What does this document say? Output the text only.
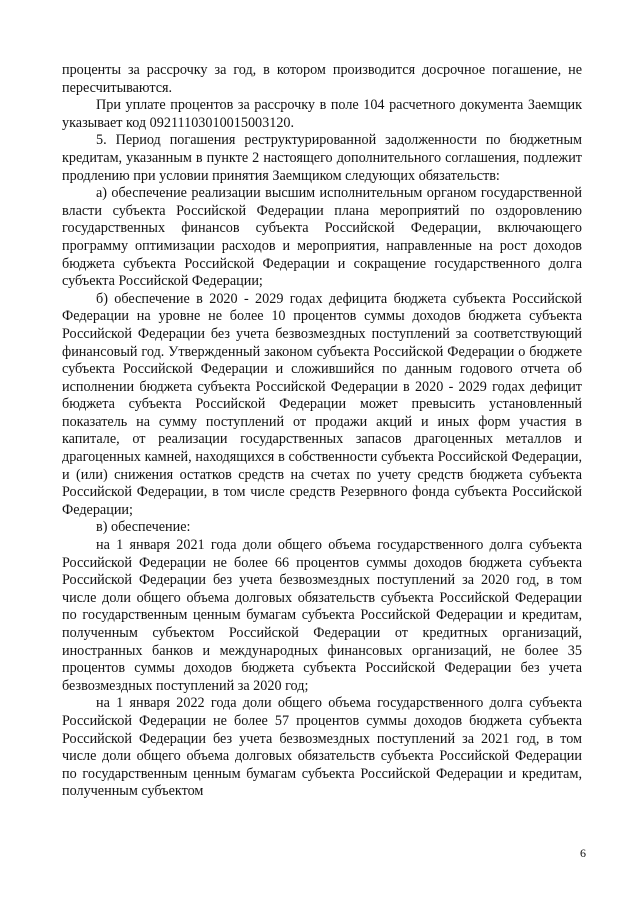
проценты за рассрочку за год, в котором производится досрочное погашение, не пересчитываются.

При уплате процентов за рассрочку в поле 104 расчетного документа Заемщик указывает код 09211103010015003120.

5. Период погашения реструктурированной задолженности по бюджетным кредитам, указанным в пункте 2 настоящего дополнительного соглашения, подлежит продлению при условии принятия Заемщиком следующих обязательств:

а) обеспечение реализации высшим исполнительным органом государственной власти субъекта Российской Федерации плана мероприятий по оздоровлению государственных финансов субъекта Российской Федерации, включающего программу оптимизации расходов и мероприятия, направленные на рост доходов бюджета субъекта Российской Федерации и сокращение государственного долга субъекта Российской Федерации;

б) обеспечение в 2020 - 2029 годах дефицита бюджета субъекта Российской Федерации на уровне не более 10 процентов суммы доходов бюджета субъекта Российской Федерации без учета безвозмездных поступлений за соответствующий финансовый год. Утвержденный законом субъекта Российской Федерации о бюджете субъекта Российской Федерации и сложившийся по данным годового отчета об исполнении бюджета субъекта Российской Федерации в 2020 - 2029 годах дефицит бюджета субъекта Российской Федерации может превысить установленный показатель на сумму поступлений от продажи акций и иных форм участия в капитале, от реализации государственных запасов драгоценных металлов и драгоценных камней, находящихся в собственности субъекта Российской Федерации, и (или) снижения остатков средств на счетах по учету средств бюджета субъекта Российской Федерации, в том числе средств Резервного фонда субъекта Российской Федерации;

в) обеспечение:

на 1 января 2021 года доли общего объема государственного долга субъекта Российской Федерации не более 66 процентов суммы доходов бюджета субъекта Российской Федерации без учета безвозмездных поступлений за 2020 год, в том числе доли общего объема долговых обязательств субъекта Российской Федерации по государственным ценным бумагам субъекта Российской Федерации и кредитам, полученным субъектом Российской Федерации от кредитных организаций, иностранных банков и международных финансовых организаций, не более 35 процентов суммы доходов бюджета субъекта Российской Федерации без учета безвозмездных поступлений за 2020 год;

на 1 января 2022 года доли общего объема государственного долга субъекта Российской Федерации не более 57 процентов суммы доходов бюджета субъекта Российской Федерации без учета безвозмездных поступлений за 2021 год, в том числе доли общего объема долговых обязательств субъекта Российской Федерации по государственным ценным бумагам субъекта Российской Федерации и кредитам, полученным субъектом

6
